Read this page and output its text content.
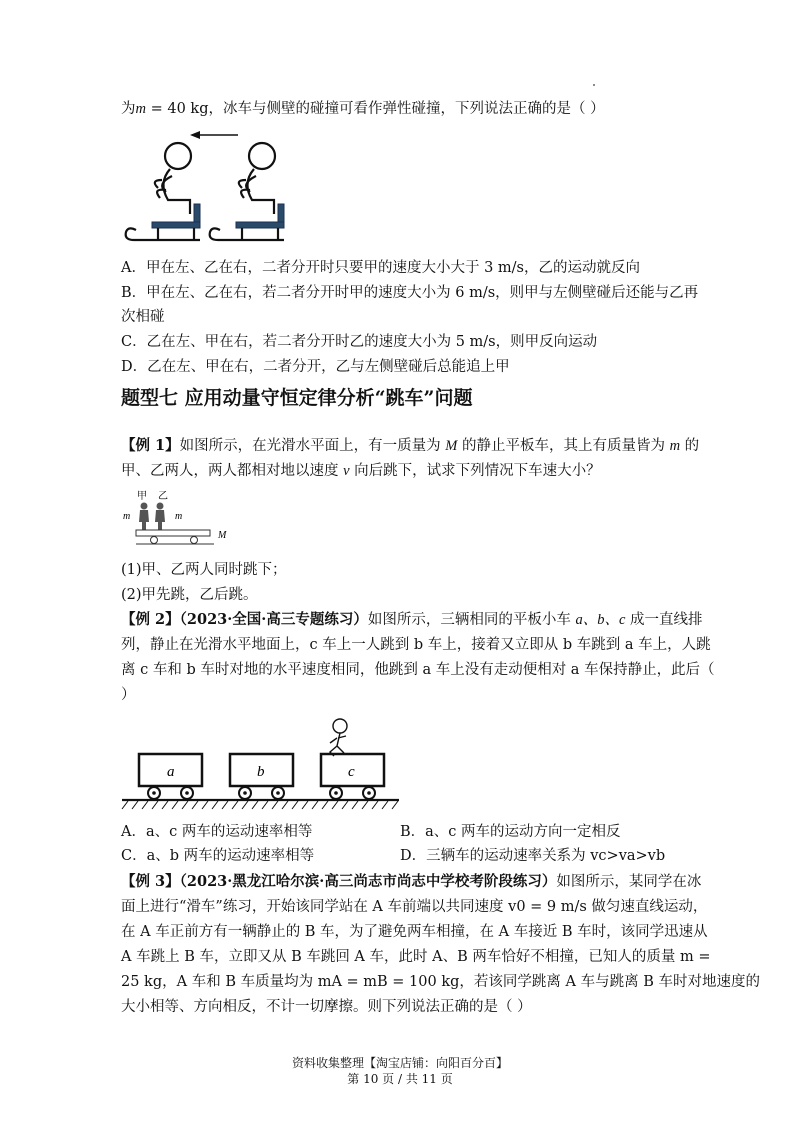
为m = 40 kg，冰车与侧壁的碰撞可看作弹性碰撞，下列说法正确的是（ ）
A．甲在左、乙在右，二者分开时只要甲的速度大小大于 3 m/s，乙的运动就反向
B．甲在左、乙在右，若二者分开时甲的速度大小为 6 m/s，则甲与左侧壁碰后还能与乙再
次相碰
C．乙在左、甲在右，若二者分开时乙的速度大小为 5 m/s，则甲反向运动
D．乙在左、甲在右，二者分开，乙与左侧壁碰后总能追上甲
题型七 应用动量守恒定律分析“跳车”问题
【例 1】如图所示，在光滑水平面上，有一质量为 M 的静止平板车，其上有质量皆为 m 的
甲、乙两人，两人都相对地以速度 v 向后跳下，试求下列情况下车速大小？
甲 乙
m	m
M
(1)甲、乙两人同时跳下；
(2)甲先跳，乙后跳。
【例 2】（2023·全国·高三专题练习）如图所示，三辆相同的平板小车 a、b、c 成一直线排
列，静止在光滑水平地面上，c 车上一人跳到 b 车上，接着又立即从 b 车跳到 a 车上，人跳
离 c 车和 b 车时对地的水平速度相同，他跳到 a 车上没有走动便相对 a 车保持静止，此后（
）
a	b	c
A．a、c 两车的运动速率相等	B．a、c 两车的运动方向一定相反
C．a、b 两车的运动速率相等	D．三辆车的运动速率关系为 vc>va>vb
【例 3】（2023·黑龙江哈尔滨·高三尚志市尚志中学校考阶段练习）如图所示，某同学在冰
面上进行“滑车”练习，开始该同学站在 A 车前端以共同速度 v0 = 9 m/s 做匀速直线运动，
在 A 车正前方有一辆静止的 B 车，为了避免两车相撞，在 A 车接近 B 车时，该同学迅速从
A 车跳上 B 车，立即又从 B 车跳回 A 车，此时 A、B 两车恰好不相撞，已知人的质量 m =
25 kg，A 车和 B 车质量均为 mA = mB = 100 kg，若该同学跳离 A 车与跳离 B 车时对地速度的
大小相等、方向相反，不计一切摩擦。则下列说法正确的是（ ）
资料收集整理【淘宝店铺：向阳百分百】
第 10 页 / 共 11 页
